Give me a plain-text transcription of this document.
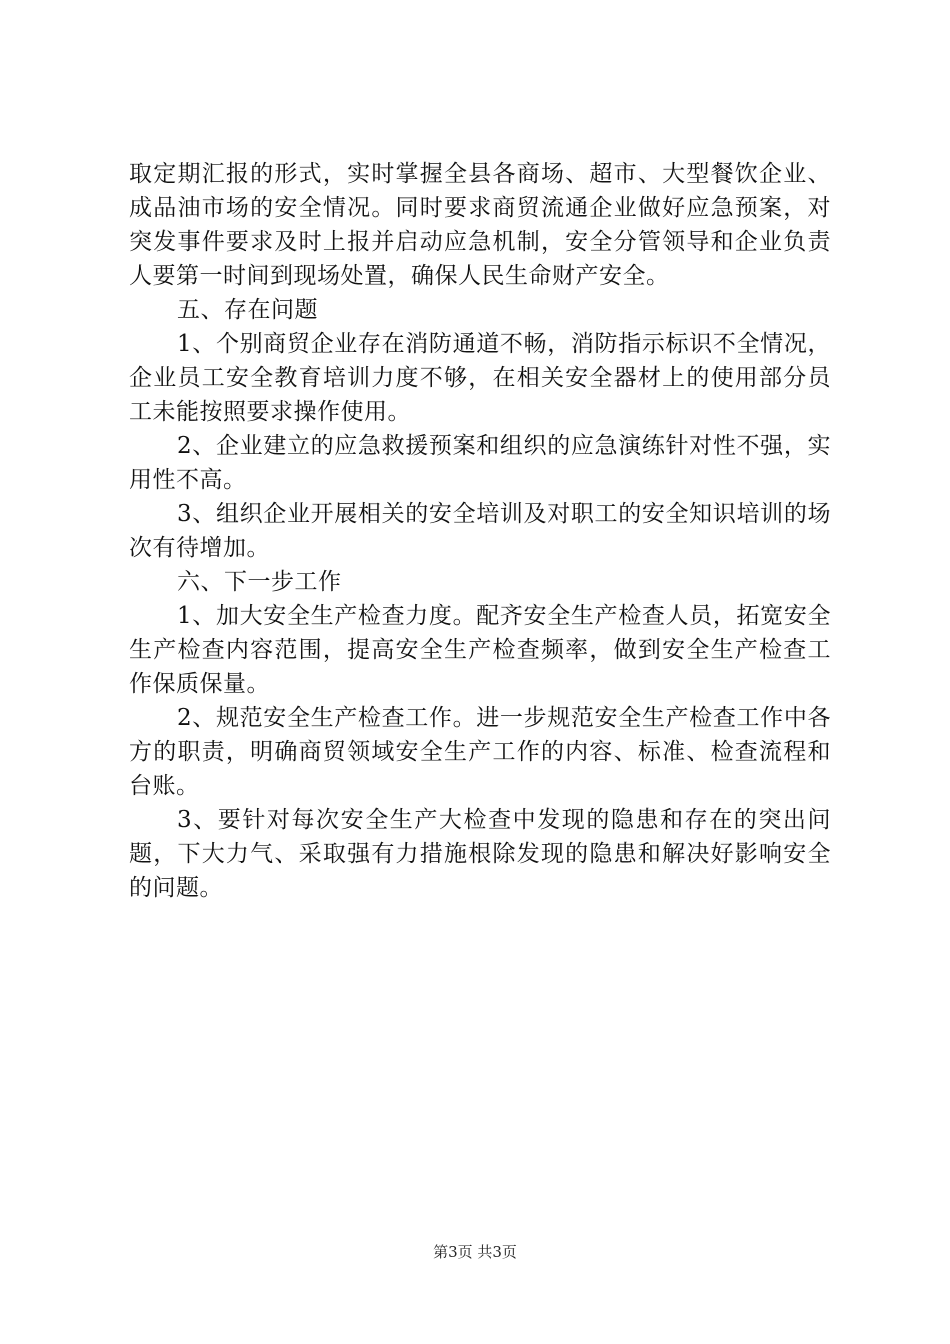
取定期汇报的形式，实时掌握全县各商场、超市、大型餐饮企业、成品油市场的安全情况。同时要求商贸流通企业做好应急预案，对突发事件要求及时上报并启动应急机制，安全分管领导和企业负责人要第一时间到现场处置，确保人民生命财产安全。

五、存在问题

1、个别商贸企业存在消防通道不畅，消防指示标识不全情况，企业员工安全教育培训力度不够，在相关安全器材上的使用部分员工未能按照要求操作使用。

2、企业建立的应急救援预案和组织的应急演练针对性不强，实用性不高。

3、组织企业开展相关的安全培训及对职工的安全知识培训的场次有待增加。

六、下一步工作

1、加大安全生产检查力度。配齐安全生产检查人员，拓宽安全生产检查内容范围，提高安全生产检查频率，做到安全生产检查工作保质保量。

2、规范安全生产检查工作。进一步规范安全生产检查工作中各方的职责，明确商贸领域安全生产工作的内容、标准、检查流程和台账。

3、要针对每次安全生产大检查中发现的隐患和存在的突出问题，下大力气、采取强有力措施根除发现的隐患和解决好影响安全的问题。

第3页 共3页
